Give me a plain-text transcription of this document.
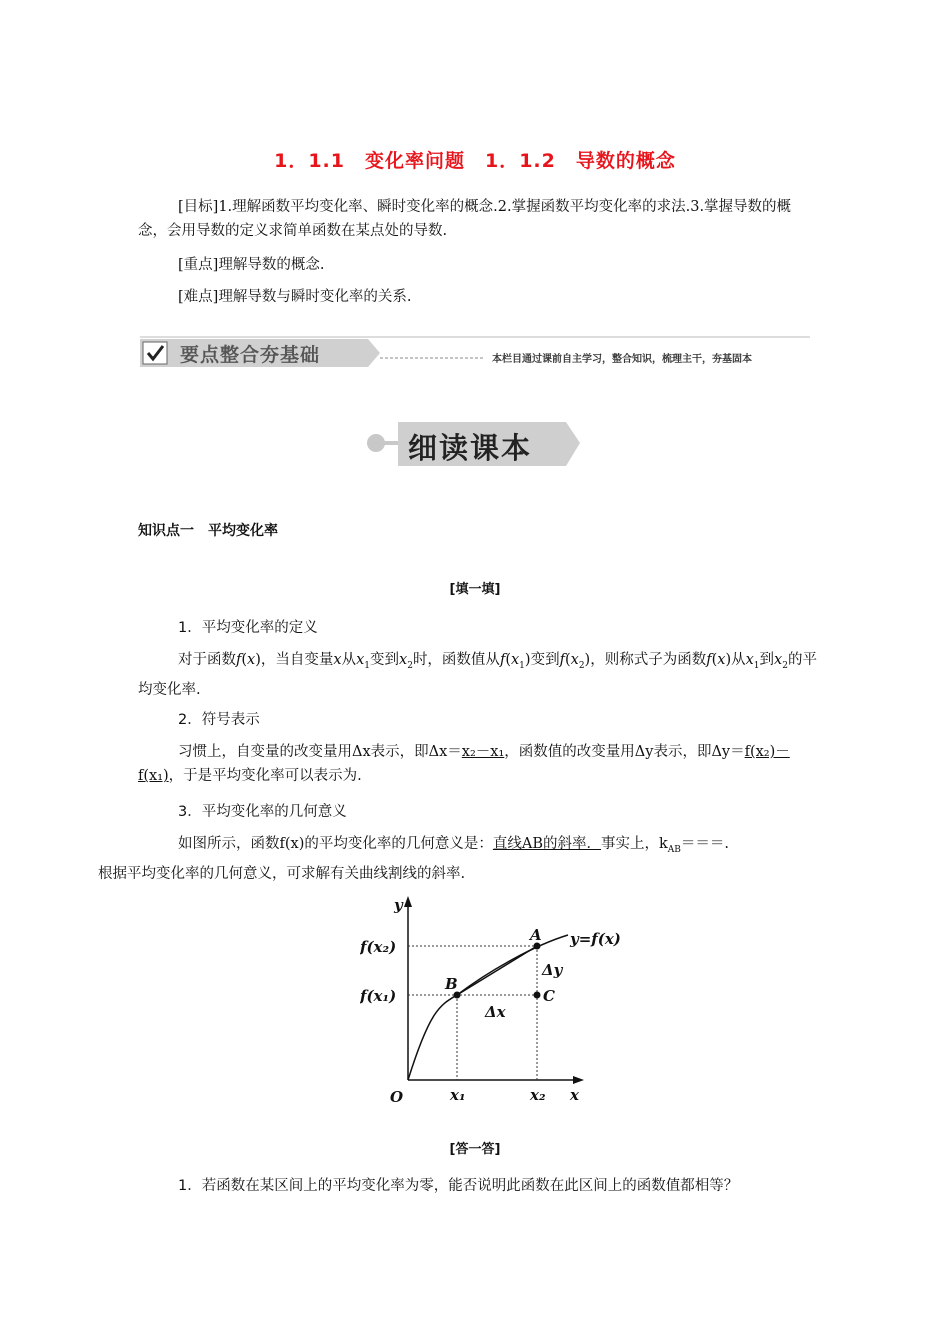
1．1.1　变化率问题　1．1.2　导数的概念
[目标]1.理解函数平均变化率、瞬时变化率的概念.2.掌握函数平均变化率的求法.3.掌握导数的概念，会用导数的定义求简单函数在某点处的导数.
[重点]理解导数的概念.
[难点]理解导数与瞬时变化率的关系.
要点整合夯基础	本栏目通过课前自主学习，整合知识，梳理主干，夯基固本
细读课本
知识点一　平均变化率
[填一填]
1．平均变化率的定义
对于函数f(x)，当自变量x从$x_1$变到$x_2$时，函数值从$f(x_1)$变到$f(x_2)$，则称式子为函数f(x)从$x_1$到$x_2$的平均变化率.
2．符号表示
习惯上，自变量的改变量用Δx表示，即Δx＝x₂－x₁，函数值的改变量用Δy表示，即Δy＝f(x₂)－f(x₁)，于是平均变化率可以表示为.
3．平均变化率的几何意义
如图所示，函数f(x)的平均变化率的几何意义是：直线AB的斜率．事实上，$k_{AB}===$.
根据平均变化率的几何意义，可求解有关曲线割线的斜率.
y
x
O
y=f(x)
A
B
C
Δy
Δx
f(x₂)
f(x₁)
x₁	x₂
[答一答]
1．若函数在某区间上的平均变化率为零，能否说明此函数在此区间上的函数值都相等？
